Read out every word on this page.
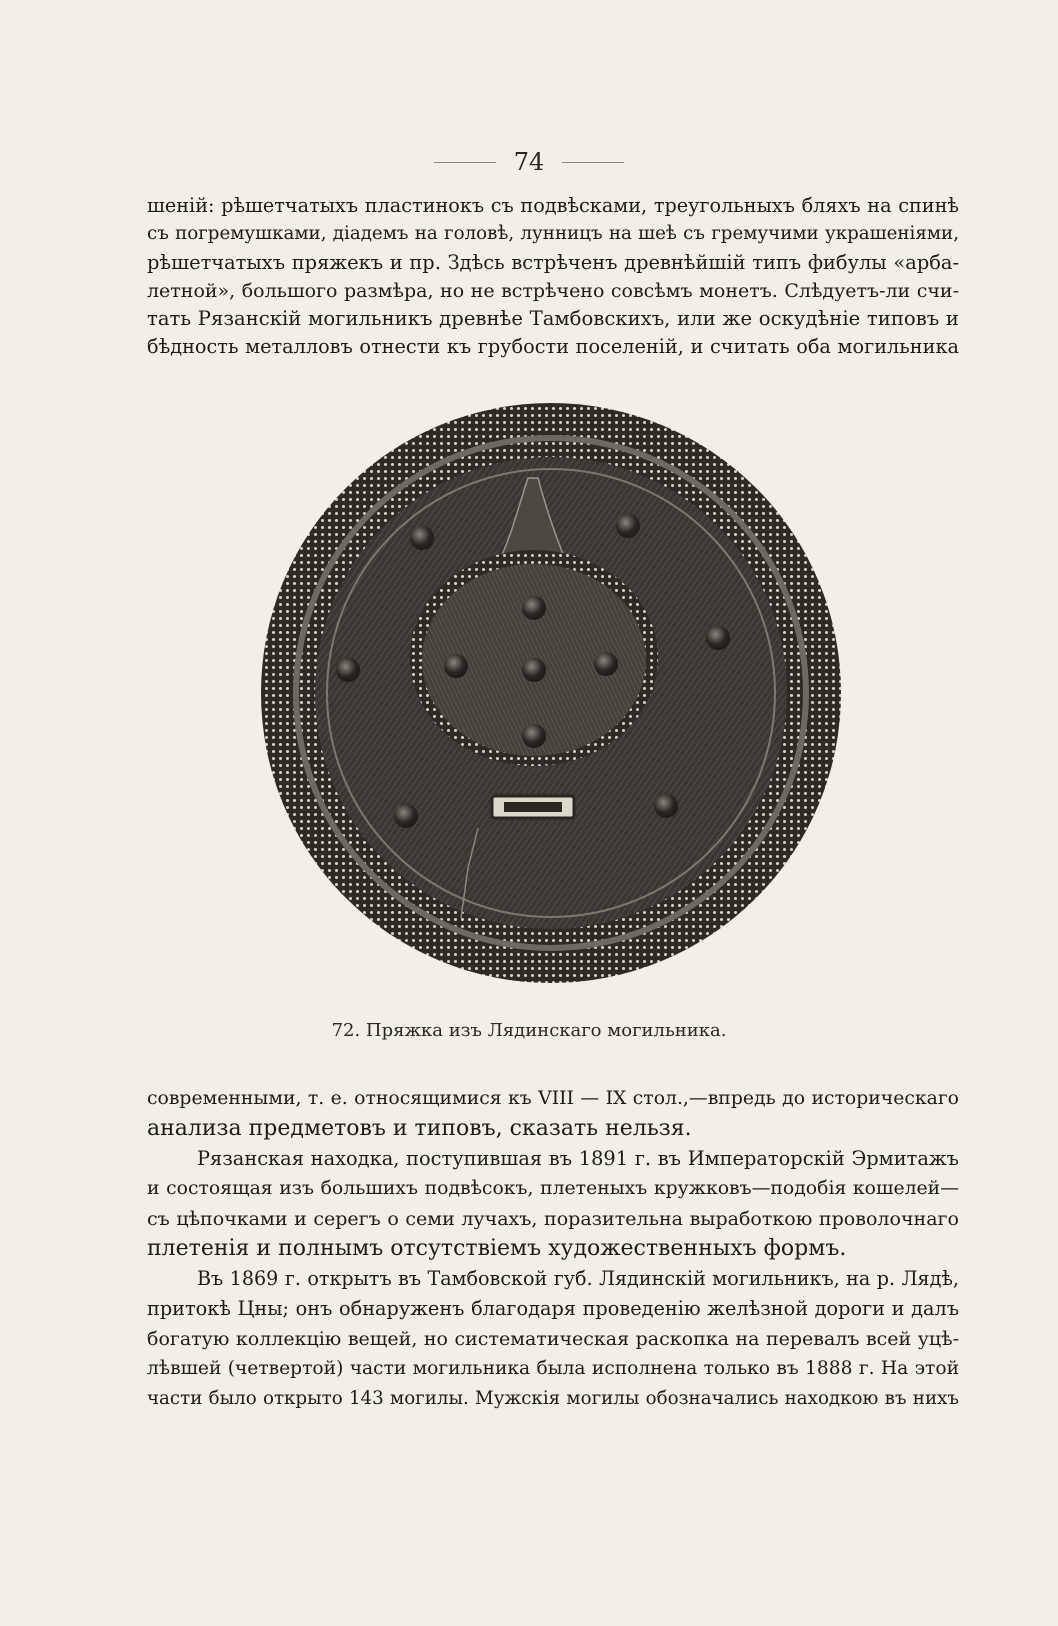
74
шеній: рѣшетчатыхъ пластинокъ съ подвѣсками, треугольныхъ бляхъ на спинѣ
съ погремушками, діадемъ на головѣ, лунницъ на шеѣ съ гремучими украшеніями,
рѣшетчатыхъ пряжекъ и пр. Здѣсь встрѣченъ древнѣйшій типъ фибулы «арба-
летной», большого размѣра, но не встрѣчено совсѣмъ монетъ. Слѣдуетъ-ли счи-
тать Рязанскій могильникъ древнѣе Тамбовскихъ, или же оскудѣніе типовъ и
бѣдность металловъ отнести къ грубости поселеній, и считать оба могильника
72. Пряжка изъ Лядинскаго могильника.
современными, т. е. относящимися къ VIII — IX стол.,—впредь до историческаго
анализа предметовъ и типовъ, сказать нельзя.
Рязанская находка, поступившая въ 1891 г. въ Императорскій Эрмитажъ
и состоящая изъ большихъ подвѣсокъ, плетеныхъ кружковъ—подобія кошелей—
съ цѣпочками и серегъ о семи лучахъ, поразительна выработкою проволочнаго
плетенія и полнымъ отсутствіемъ художественныхъ формъ.
Въ 1869 г. открытъ въ Тамбовской губ. Лядинскій могильникъ, на р. Лядѣ,
притокѣ Цны; онъ обнаруженъ благодаря проведенію желѣзной дороги и далъ
богатую коллекцію вещей, но систематическая раскопка на перевалъ всей уцѣ-
лѣвшей (четвертой) части могильника была исполнена только въ 1888 г. На этой
части было открыто 143 могилы. Мужскія могилы обозначались находкою въ нихъ
